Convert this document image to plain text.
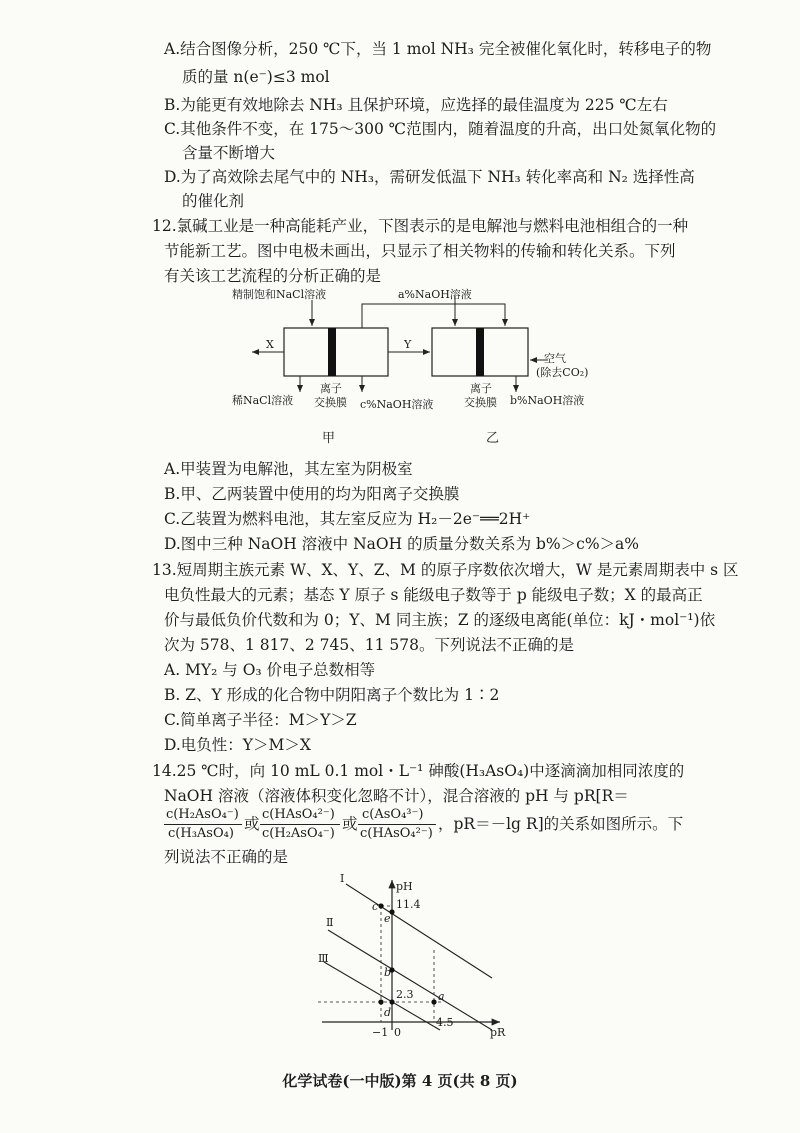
A.结合图像分析，250 ℃下，当 1 mol NH₃ 完全被催化氧化时，转移电子的物
质的量 n(e⁻)≤3 mol
B.为能更有效地除去 NH₃ 且保护环境，应选择的最佳温度为 225 ℃左右
C.其他条件不变，在 175～300 ℃范围内，随着温度的升高，出口处氮氧化物的
含量不断增大
D.为了高效除去尾气中的 NH₃，需研发低温下 NH₃ 转化率高和 N₂ 选择性高
的催化剂
12.氯碱工业是一种高能耗产业，下图表示的是电解池与燃料电池相组合的一种
节能新工艺。图中电极未画出，只显示了相关物料的传输和转化关系。下列
有关该工艺流程的分析正确的是
精制饱和NaCl溶液	a%NaOH溶液
X	Y
空气
(除去CO₂)
稀NaCl溶液
离子
交换膜 c%NaOH溶液
离子
交换膜 b%NaOH溶液
甲	乙
A.甲装置为电解池，其左室为阴极室
B.甲、乙两装置中使用的均为阳离子交换膜
C.乙装置为燃料电池，其左室反应为 H₂－2e⁻══2H⁺
D.图中三种 NaOH 溶液中 NaOH 的质量分数关系为 b%＞c%＞a%
13.短周期主族元素 W、X、Y、Z、M 的原子序数依次增大，W 是元素周期表中 s 区
电负性最大的元素；基态 Y 原子 s 能级电子数等于 p 能级电子数；X 的最高正
价与最低负价代数和为 0；Y、M 同主族；Z 的逐级电离能(单位：kJ・mol⁻¹)依
次为 578、1 817、2 745、11 578。下列说法不正确的是
A. MY₂ 与 O₃ 价电子总数相等
B. Z、Y 形成的化合物中阴阳离子个数比为 1∶2
C.简单离子半径：M＞Y＞Z
D.电负性：Y＞M＞X
14.25 ℃时，向 10 mL 0.1 mol・L⁻¹ 砷酸(H₃AsO₄)中逐滴滴加相同浓度的
NaOH 溶液（溶液体积变化忽略不计），混合溶液的 pH 与 pR[R＝
c(H₂AsO₄⁻)
c(H₃AsO₄)
或
c(HAsO₄²⁻)
c(H₂AsO₄⁻)
或
c(AsO₄³⁻)
c(HAsO₄²⁻)
，pR＝－lg R]的关系如图所示。下
列说法不正确的是
pH
pR
Ⅰ
Ⅱ
Ⅲ
11.4
2.3
4.5
−1 0
a
b
c
d
e
化学试卷(一中版)第 4 页(共 8 页)
